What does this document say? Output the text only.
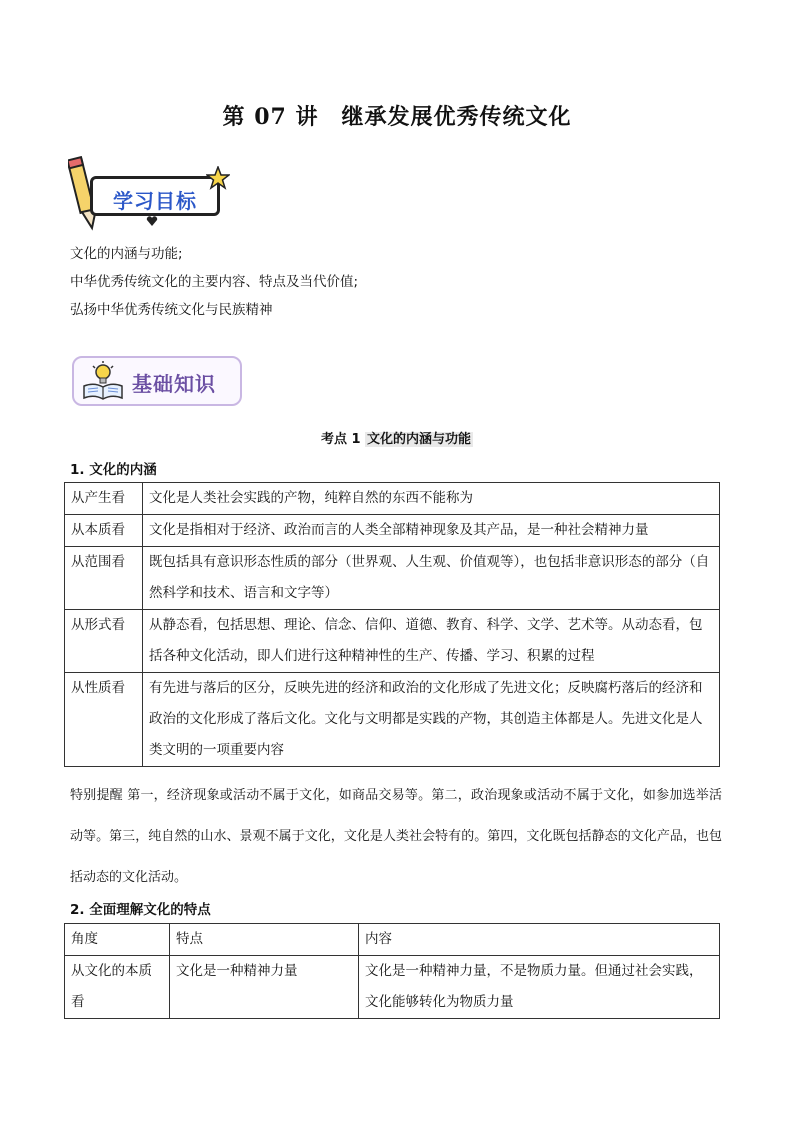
第 07 讲　继承发展优秀传统文化
学习目标
文化的内涵与功能;
中华优秀传统文化的主要内容、特点及当代价值;
弘扬中华优秀传统文化与民族精神
基础知识
考点 1 文化的内涵与功能
1. 文化的内涵
从产生看	文化是人类社会实践的产物，纯粹自然的东西不能称为
从本质看	文化是指相对于经济、政治而言的人类全部精神现象及其产品，是一种社会精神力量
从范围看	既包括具有意识形态性质的部分（世界观、人生观、价值观等），也包括非意识形态的部分（自然科学和技术、语言和文字等）
从形式看	从静态看，包括思想、理论、信念、信仰、道德、教育、科学、文学、艺术等。从动态看，包括各种文化活动，即人们进行这种精神性的生产、传播、学习、积累的过程
从性质看	有先进与落后的区分，反映先进的经济和政治的文化形成了先进文化；反映腐朽落后的经济和政治的文化形成了落后文化。文化与文明都是实践的产物，其创造主体都是人。先进文化是人类文明的一项重要内容
特别提醒 第一，经济现象或活动不属于文化，如商品交易等。第二，政治现象或活动不属于文化，如参加选举活动等。第三，纯自然的山水、景观不属于文化，文化是人类社会特有的。第四，文化既包括静态的文化产品，也包括动态的文化活动。
2. 全面理解文化的特点
角度	特点	内容
从文化的本质看	文化是一种精神力量	文化是一种精神力量，不是物质力量。但通过社会实践，文化能够转化为物质力量
